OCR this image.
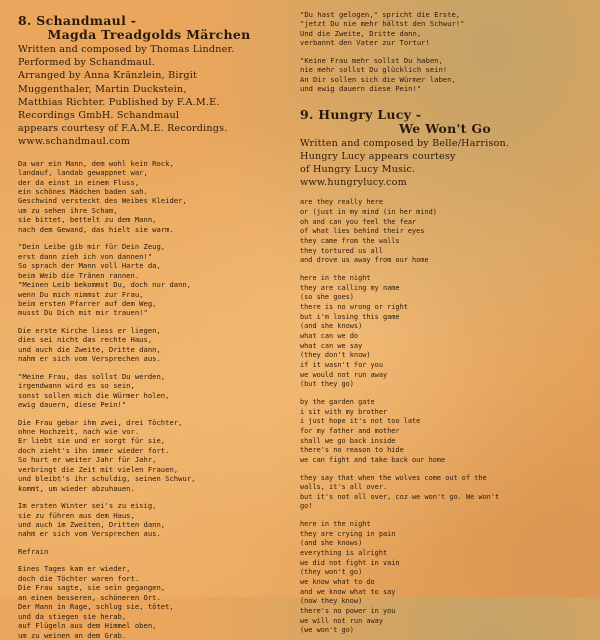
8. Schandmaul -
Magda Treadgolds Märchen
Written and composed by Thomas Lindner.
Performed by Schandmaul.
Arranged by Anna Kränzlein, Birgit
Muggenthaler, Martin Duckstein,
Matthias Richter. Published by F.A.M.E.
Recordings GmbH. Schandmaul
appears courtesy of F.A.M.E. Recordings.
www.schandmaul.com
Da war ein Mann, dem wohl kein Rock,
landauf, landab gewappnet war,
der da einst in einem Fluss,
ein schönes Mädchen baden sah.
Geschwind versteckt des Weibes Kleider,
um zu sehen ihre Scham,
sie bittet, bettelt zu dem Mann,
nach dem Gewand, das hielt sie warm.
"Dein Leibe gib mir für Dein Zeug,
erst dann zieh ich von dannen!"
So sprach der Mann voll Harte da,
beim Weib die Tränen rannen.
"Meinen Leib bekommst Du, doch nur dann,
wenn Du mich nimmst zur Frau,
beim ersten Pfarrer auf dem Weg,
musst Du Dich mit mir trauen!"
Die erste Kirche liess er liegen,
dies sei nicht das rechte Haus,
und auch die Zweite, Dritte dann,
nahm er sich vom Versprechen aus.
"Meine Frau, das sollst Du werden,
irgendwann wird es so sein,
sonst sollen mich die Würmer holen,
ewig dauern, diese Pein!"
Die Frau gebar ihm zwei, drei Töchter,
ohne Hochzeit, nach wie vor.
Er liebt sie und er sorgt für sie,
doch zieht's ihn immer wieder fort.
So hurt er weiter Jahr für Jahr,
verbringt die Zeit mit vielen Frauen,
und bleibt's ihr schuldig, seinen Schwur,
kommt, um wieder abzuhauen.
Im ersten Winter sei's zu eisig,
sie zu führen aus dem Haus,
und auch im Zweiten, Dritten dann,
nahm er sich vom Versprechen aus.
Refrain
Eines Tages kam er wieder,
doch die Töchter waren fort.
Die Frau sagte, sie sein gegangen,
an einen besseren, schöneren Ort.
Der Mann in Rage, schlug sie, tötet,
und da stiegen sie herab,
auf Flügeln aus dem Himmel oben,
um zu weinen an dem Grab.
"Du hast gelogen," spricht die Erste,
"jetzt Du nie mehr hältst den Schwur!"
Und die Zweite, Dritte dann,
verbannt den Vater zur Tortur!
"Keine Frau mehr sollst Du haben,
nie mehr sollst Du glücklich sein!
An Dir sollen sich die Würmer laben,
und ewig dauern diese Pein!"
9. Hungry Lucy -
We Won't Go
Written and composed by Belle/Harrison.
Hungry Lucy appears courtesy
of Hungry Lucy Music.
www.hungrylucy.com
are they really here
or (just in my mind (in her mind)
oh and can you feel the fear
of what lies behind their eyes
they came from the walls
they tortured us all
and drove us away from our home
here in the night
they are calling my name
(so she goes)
there is no wrong or right
but i'm losing this game
(and she knows)
what can we do
what can we say
(they don't know)
if it wasn't for you
we would not run away
(but they go)
by the garden gate
i sit with my brother
i just hope it's not too late
for my father and mother
shall we go back inside
there's no reason to hide
we can fight and take back our home
they say that when the wolves come out of the
walls, it's all over.
but it's not all over, coz we won't go. We won't
go!
here in the night
they are crying in pain
(and she knows)
everything is alright
we did not fight in vain
(they won't go)
we know what to do
and we know what to say
(now they know)
there's no power in you
we will not run away
(we won't go)
